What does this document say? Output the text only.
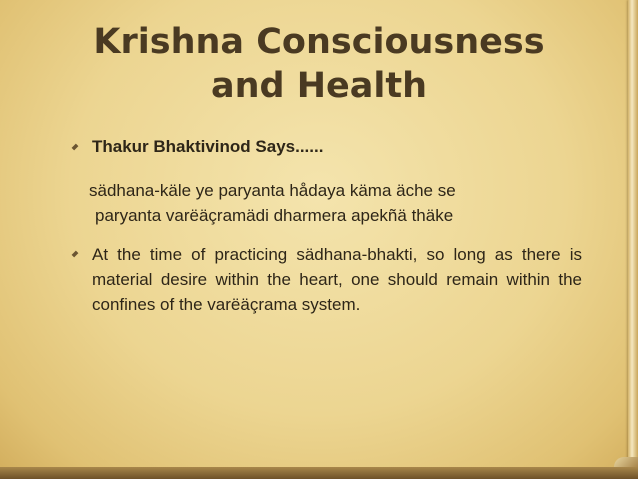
Krishna Consciousness
and Health
Thakur Bhaktivinod Says......
sädhana-käle ye paryanta hådaya käma äche se
paryanta varëäçramädi dharmera apekñä thäke
At the time of practicing sädhana-bhakti, so long as there is material desire within the heart, one should remain within the confines of the varëäçrama system.
